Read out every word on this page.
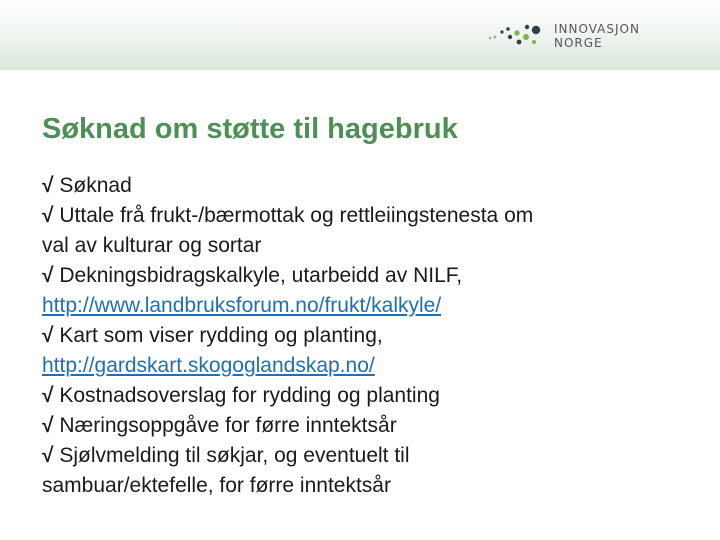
INNOVASJON
NORGE
Søknad om støtte til hagebruk
√ Søknad
√ Uttale frå frukt-/bærmottak og rettleiingstenesta om
val av kulturar og sortar
√ Dekningsbidragskalkyle, utarbeidd av NILF,
http://www.landbruksforum.no/frukt/kalkyle/
√ Kart som viser rydding og planting,
http://gardskart.skogoglandskap.no/
√ Kostnadsoverslag for rydding og planting
√ Næringsoppgåve for førre inntektsår
√ Sjølvmelding til søkjar, og eventuelt til
sambuar/ektefelle, for førre inntektsår
